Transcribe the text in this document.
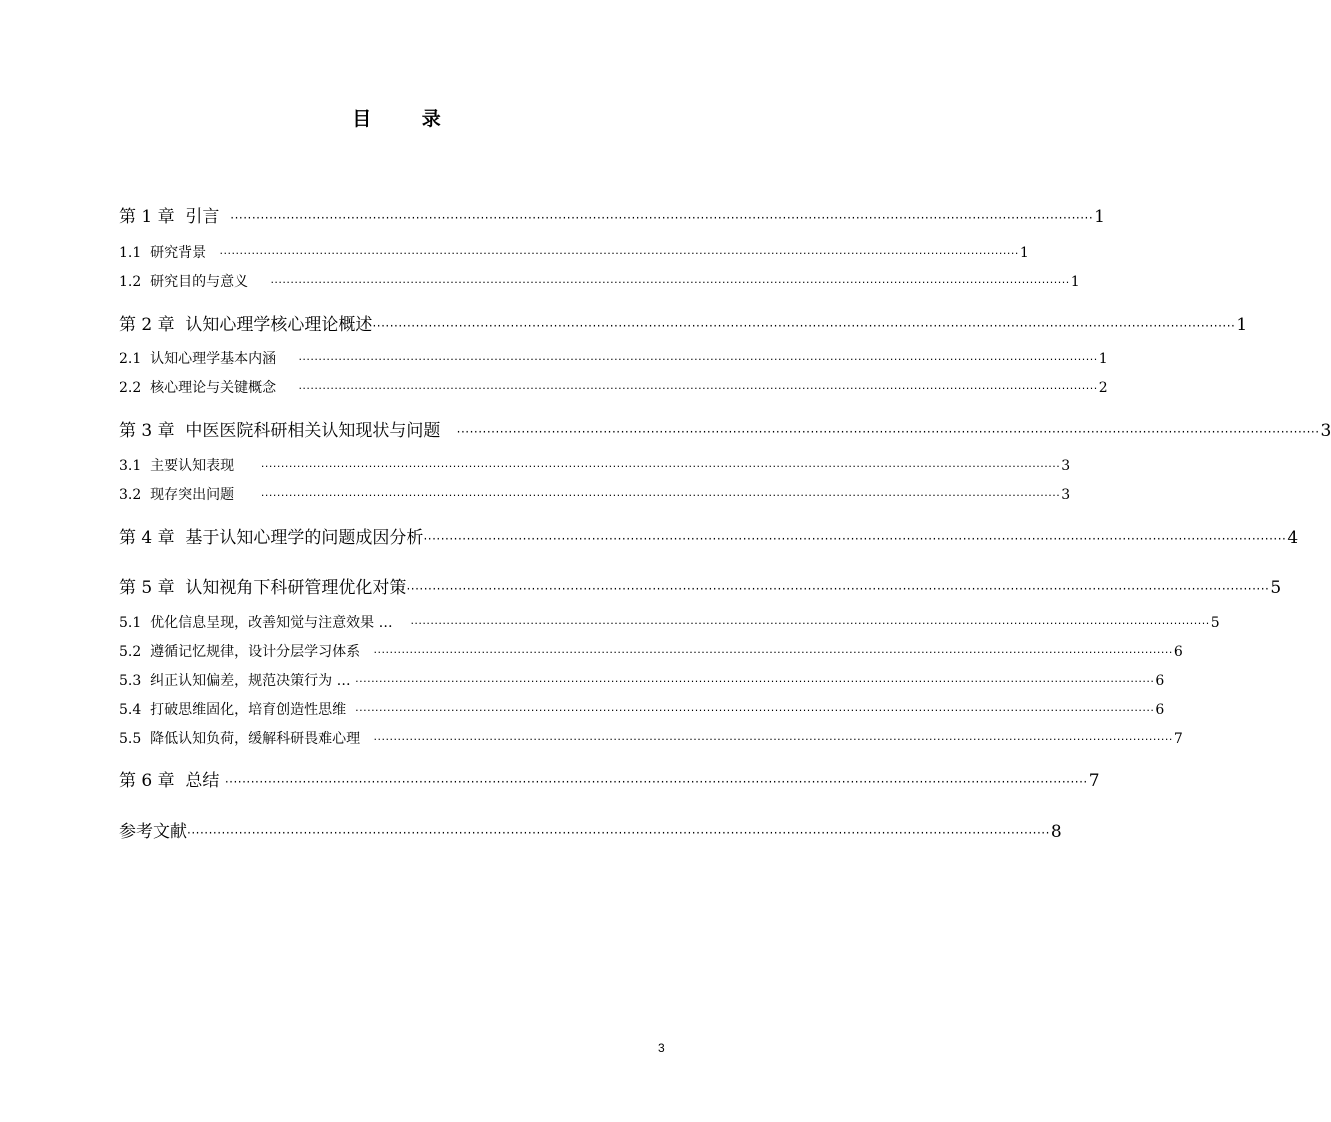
目 录
第 1 章  引言
········································································································································································································ 1
1.1  研究背景
········································································································································································································ 1
1.2  研究目的与意义
········································································································································································································ 1
第 2 章  认知心理学核心理论概述 ········································································································································································································ 1
2.1  认知心理学基本内涵
········································································································································································································ 1
2.2  核心理论与关键概念
········································································································································································································ 2
第 3 章  中医医院科研相关认知现状与问题
········································································································································································································ 3
3.1  主要认知表现
········································································································································································································ 3
3.2  现存突出问题
········································································································································································································ 3
第 4 章  基于认知心理学的问题成因分析 ········································································································································································································ 4
第 5 章  认知视角下科研管理优化对策 ········································································································································································································ 5
5.1  优化信息呈现，改善知觉与注意效果 …
········································································································································································································ 5
5.2  遵循记忆规律，设计分层学习体系
········································································································································································································ 6
5.3  纠正认知偏差，规范决策行为 …
········································································································································································································ 6
5.4  打破思维固化，培育创造性思维
········································································································································································································ 6
5.5  降低认知负荷，缓解科研畏难心理
········································································································································································································ 7
第 6 章  总结
········································································································································································································ 7
参考文献 ········································································································································································································ 8
3
